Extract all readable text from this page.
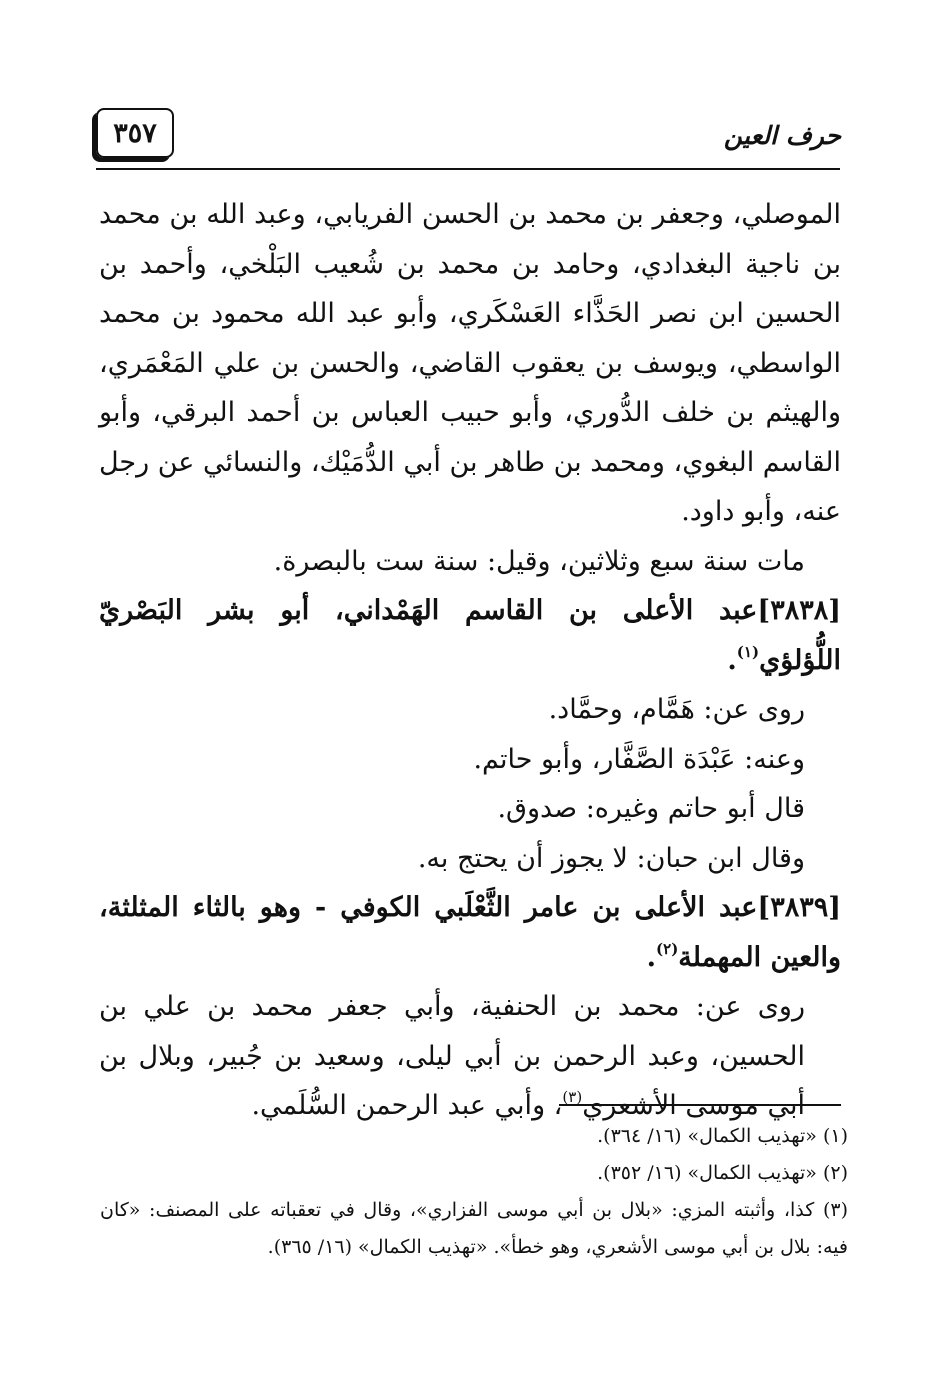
حرف العين
٣٥٧

الموصلي، وجعفر بن محمد بن الحسن الفريابي، وعبد الله بن محمد بن ناجية البغدادي، وحامد بن محمد بن شُعيب البَلْخي، وأحمد بن الحسين ابن نصر الحَذَّاء العَسْكَري، وأبو عبد الله محمود بن محمد الواسطي، ويوسف بن يعقوب القاضي، والحسن بن علي المَعْمَري، والهيثم بن خلف الدُّوري، وأبو حبيب العباس بن أحمد البرقي، وأبو القاسم البغوي، ومحمد بن طاهر بن أبي الدُّمَيْك، والنسائي عن رجل عنه، وأبو داود.

مات سنة سبع وثلاثين، وقيل: سنة ست بالبصرة.

[٣٨٣٨]عبد الأعلى بن القاسم الهَمْداني، أبو بشر البَصْريّ اللُّؤلؤي$^{(١)}$.

روى عن: هَمَّام، وحمَّاد.

وعنه: عَبْدَة الصَّفَّار، وأبو حاتم.

قال أبو حاتم وغيره: صدوق.

وقال ابن حبان: لا يجوز أن يحتج به.

[٣٨٣٩]عبد الأعلى بن عامر الثَّعْلَبي الكوفي - وهو بالثاء المثلثة، والعين المهملة$^{(٢)}$.

روى عن: محمد بن الحنفية، وأبي جعفر محمد بن علي بن الحسين، وعبد الرحمن بن أبي ليلى، وسعيد بن جُبير، وبلال بن أبي موسى الأشعري$^{(٣)}$، وأبي عبد الرحمن السُّلَمي.

(١) «تهذيب الكمال» (١٦/ ٣٦٤).

(٢) «تهذيب الكمال» (١٦/ ٣٥٢).

(٣) كذا، وأثبته المزي: «بلال بن أبي موسى الفزاري»، وقال في تعقباته على المصنف: «كان فيه: بلال بن أبي موسى الأشعري، وهو خطأ». «تهذيب الكمال» (١٦/ ٣٦٥).
